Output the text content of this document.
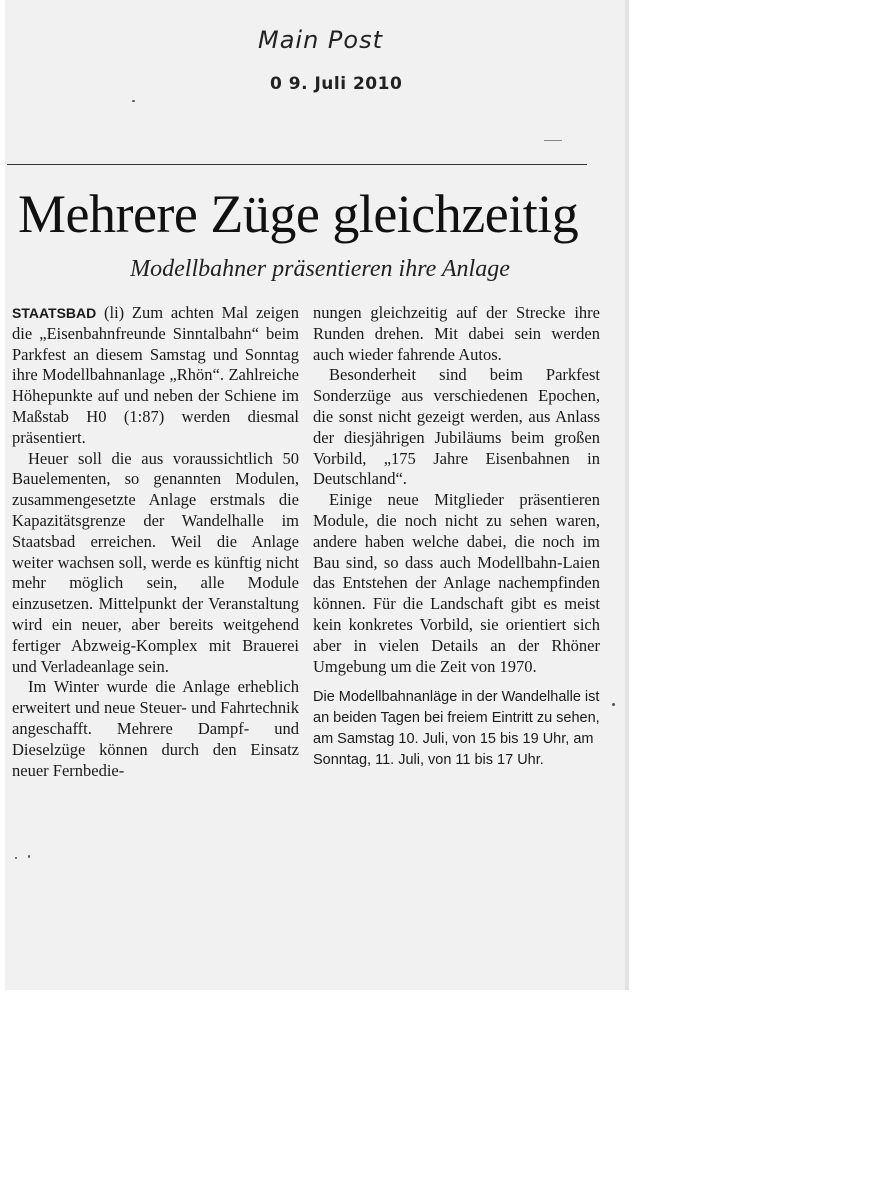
Main Post

0 9. Juli 2010

Mehrere Züge gleichzeitig
Modellbahner präsentieren ihre Anlage

STAATSBAD (li) Zum achten Mal zeigen die „Eisenbahnfreunde Sinntalbahn“ beim Parkfest an diesem Samstag und Sonntag ihre Modellbahnanlage „Rhön“. Zahlreiche Höhepunkte auf und neben der Schiene im Maßstab H0 (1:87) werden diesmal präsentiert.

Heuer soll die aus voraussichtlich 50 Bauelementen, so genannten Modulen, zusammengesetzte Anlage erstmals die Kapazitätsgrenze der Wandelhalle im Staatsbad erreichen. Weil die Anlage weiter wachsen soll, werde es künftig nicht mehr möglich sein, alle Module einzusetzen. Mittelpunkt der Veranstaltung wird ein neuer, aber bereits weitgehend fertiger Abzweig-Komplex mit Brauerei und Verladeanlage sein.

Im Winter wurde die Anlage erheblich erweitert und neue Steuer- und Fahrtechnik angeschafft. Mehrere Dampf- und Dieselzüge können durch den Einsatz neuer Fernbedie-

nungen gleichzeitig auf der Strecke ihre Runden drehen. Mit dabei sein werden auch wieder fahrende Autos.

Besonderheit sind beim Parkfest Sonderzüge aus verschiedenen Epochen, die sonst nicht gezeigt werden, aus Anlass der diesjährigen Jubiläums beim großen Vorbild, „175 Jahre Eisenbahnen in Deutschland“.

Einige neue Mitglieder präsentieren Module, die noch nicht zu sehen waren, andere haben welche dabei, die noch im Bau sind, so dass auch Modellbahn-Laien das Entstehen der Anlage nachempfinden können. Für die Landschaft gibt es meist kein konkretes Vorbild, sie orientiert sich aber in vielen Details an der Rhöner Umgebung um die Zeit von 1970.

Die Modellbahnanläge in der Wandelhalle ist an beiden Tagen bei freiem Eintritt zu sehen, am Samstag 10. Juli, von 15 bis 19 Uhr, am Sonntag, 11. Juli, von 11 bis 17 Uhr.
